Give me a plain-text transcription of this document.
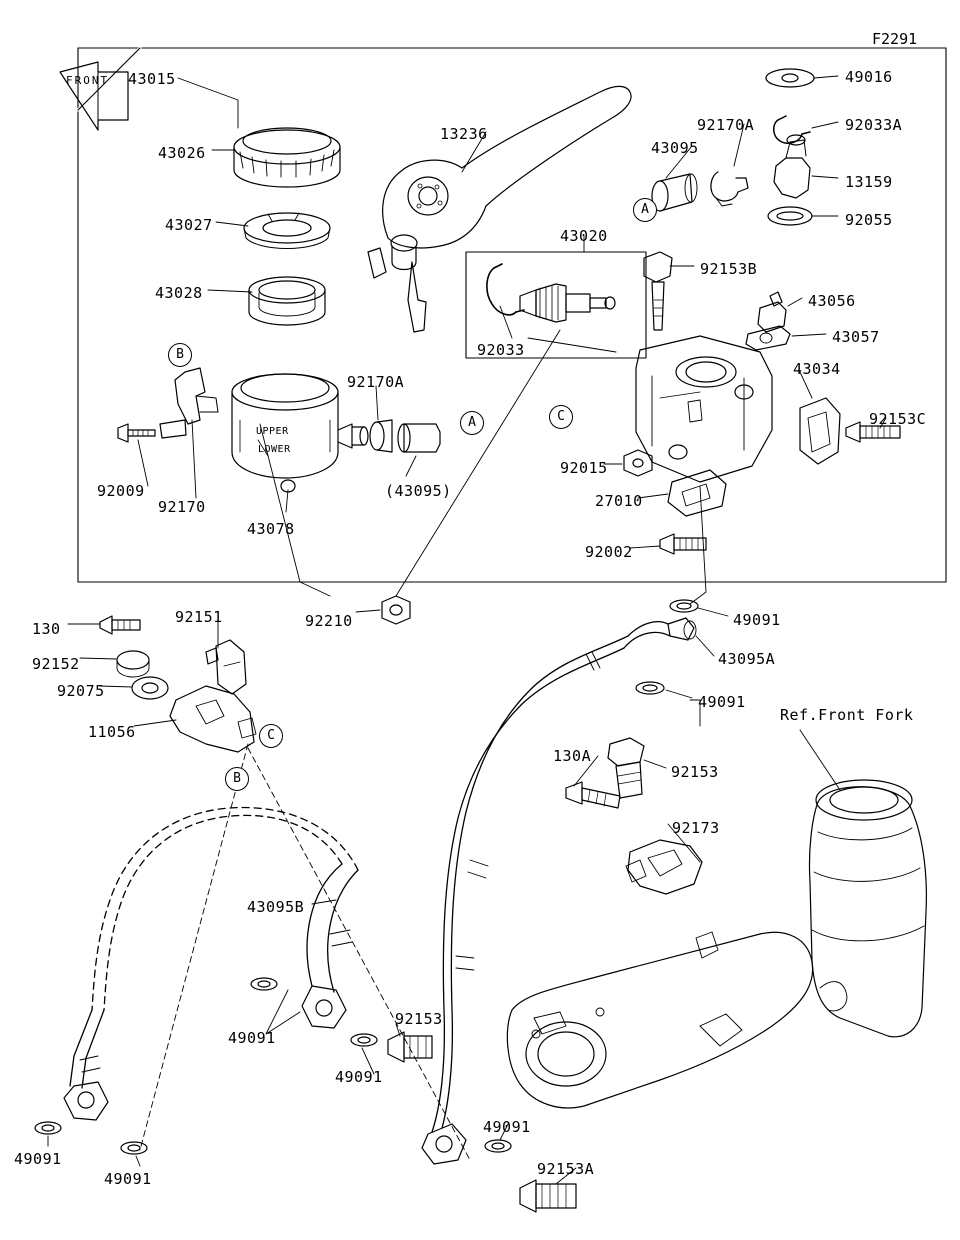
43015
43026
43027
43028
13236
49016
92033A
92170A
43095
13159
92055
43020
92153B
92033
43056
43057
43034
92153C
92170A
92009
92170
43078
(43095)
92015
27010
92002
92210
130
92152
92075
11056
92151	49091
43095A
49091
130A
92153
92173
43095B
49091
92153
49091
49091
49091
49091
92153A
A
A
B
B
C
C
F2291
Ref.Front Fork
FRONT
UPPER
LOWER
